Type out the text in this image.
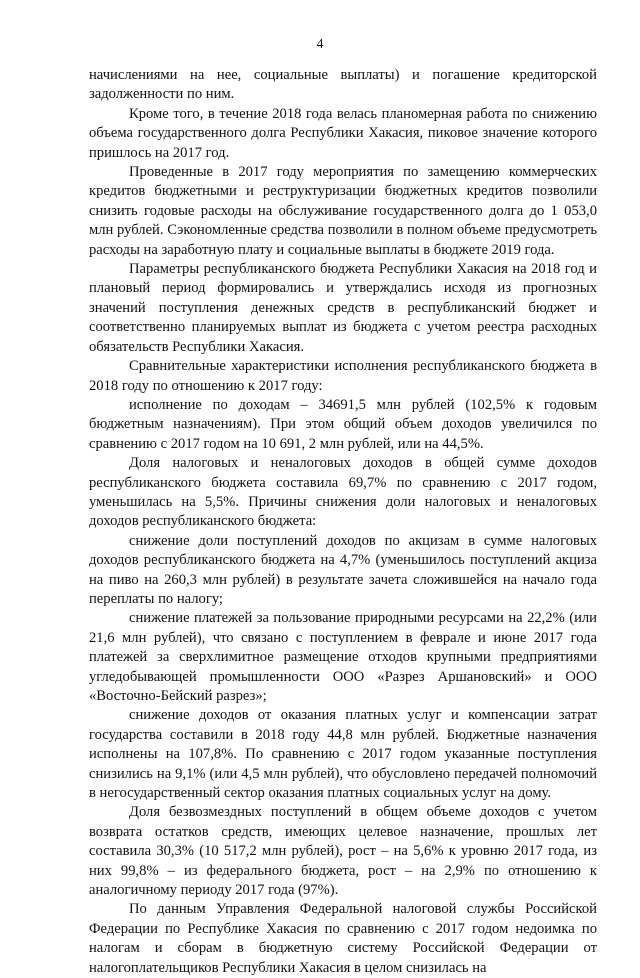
4

начислениями на нее, социальные выплаты) и погашение кредиторской задолженности по ним.

Кроме того, в течение 2018 года велась планомерная работа по снижению объема государственного долга Республики Хакасия, пиковое значение которого пришлось на 2017 год.

Проведенные в 2017 году мероприятия по замещению коммерческих кредитов бюджетными и реструктуризации бюджетных кредитов позволили снизить годовые расходы на обслуживание государственного долга до 1 053,0 млн рублей. Сэкономленные средства позволили в полном объеме предусмотреть расходы на заработную плату и социальные выплаты в бюджете 2019 года.

Параметры республиканского бюджета Республики Хакасия на 2018 год и плановый период формировались и утверждались исходя из прогнозных значений поступления денежных средств в республиканский бюджет и соответственно планируемых выплат из бюджета с учетом реестра расходных обязательств Республики Хакасия.

Сравнительные характеристики исполнения республиканского бюджета в 2018 году по отношению к 2017 году:

исполнение по доходам – 34691,5 млн рублей (102,5% к годовым бюджетным назначениям). При этом общий объем доходов увеличился по сравнению с 2017 годом на 10 691, 2 млн рублей, или на 44,5%.

Доля налоговых и неналоговых доходов в общей сумме доходов республиканского бюджета составила 69,7% по сравнению с 2017 годом, уменьшилась на 5,5%. Причины снижения доли налоговых и неналоговых доходов республиканского бюджета:

снижение доли поступлений доходов по акцизам в сумме налоговых доходов республиканского бюджета на 4,7% (уменьшилось поступлений акциза на пиво на 260,3 млн рублей) в результате зачета сложившейся на начало года переплаты по налогу;

снижение платежей за пользование природными ресурсами на 22,2% (или 21,6 млн рублей), что связано с поступлением в феврале и июне 2017 года платежей за сверхлимитное размещение отходов крупными предприятиями угледобывающей промышленности ООО «Разрез Аршановский» и ООО «Восточно-Бейский разрез»;

снижение доходов от оказания платных услуг и компенсации затрат государства составили в 2018 году 44,8 млн рублей. Бюджетные назначения исполнены на 107,8%. По сравнению с 2017 годом указанные поступления снизились на 9,1% (или 4,5 млн рублей), что обусловлено передачей полномочий в негосударственный сектор оказания платных социальных услуг на дому.

Доля безвозмездных поступлений в общем объеме доходов с учетом возврата остатков средств, имеющих целевое назначение, прошлых лет составила 30,3% (10 517,2 млн рублей), рост – на 5,6% к уровню 2017 года, из них 99,8% – из федерального бюджета, рост – на 2,9% по отношению к аналогичному периоду 2017 года (97%).

По данным Управления Федеральной налоговой службы Российской Федерации по Республике Хакасия по сравнению с 2017 годом недоимка по налогам и сборам в бюджетную систему Российской Федерации от налогоплательщиков Республики Хакасия в целом снизилась на
